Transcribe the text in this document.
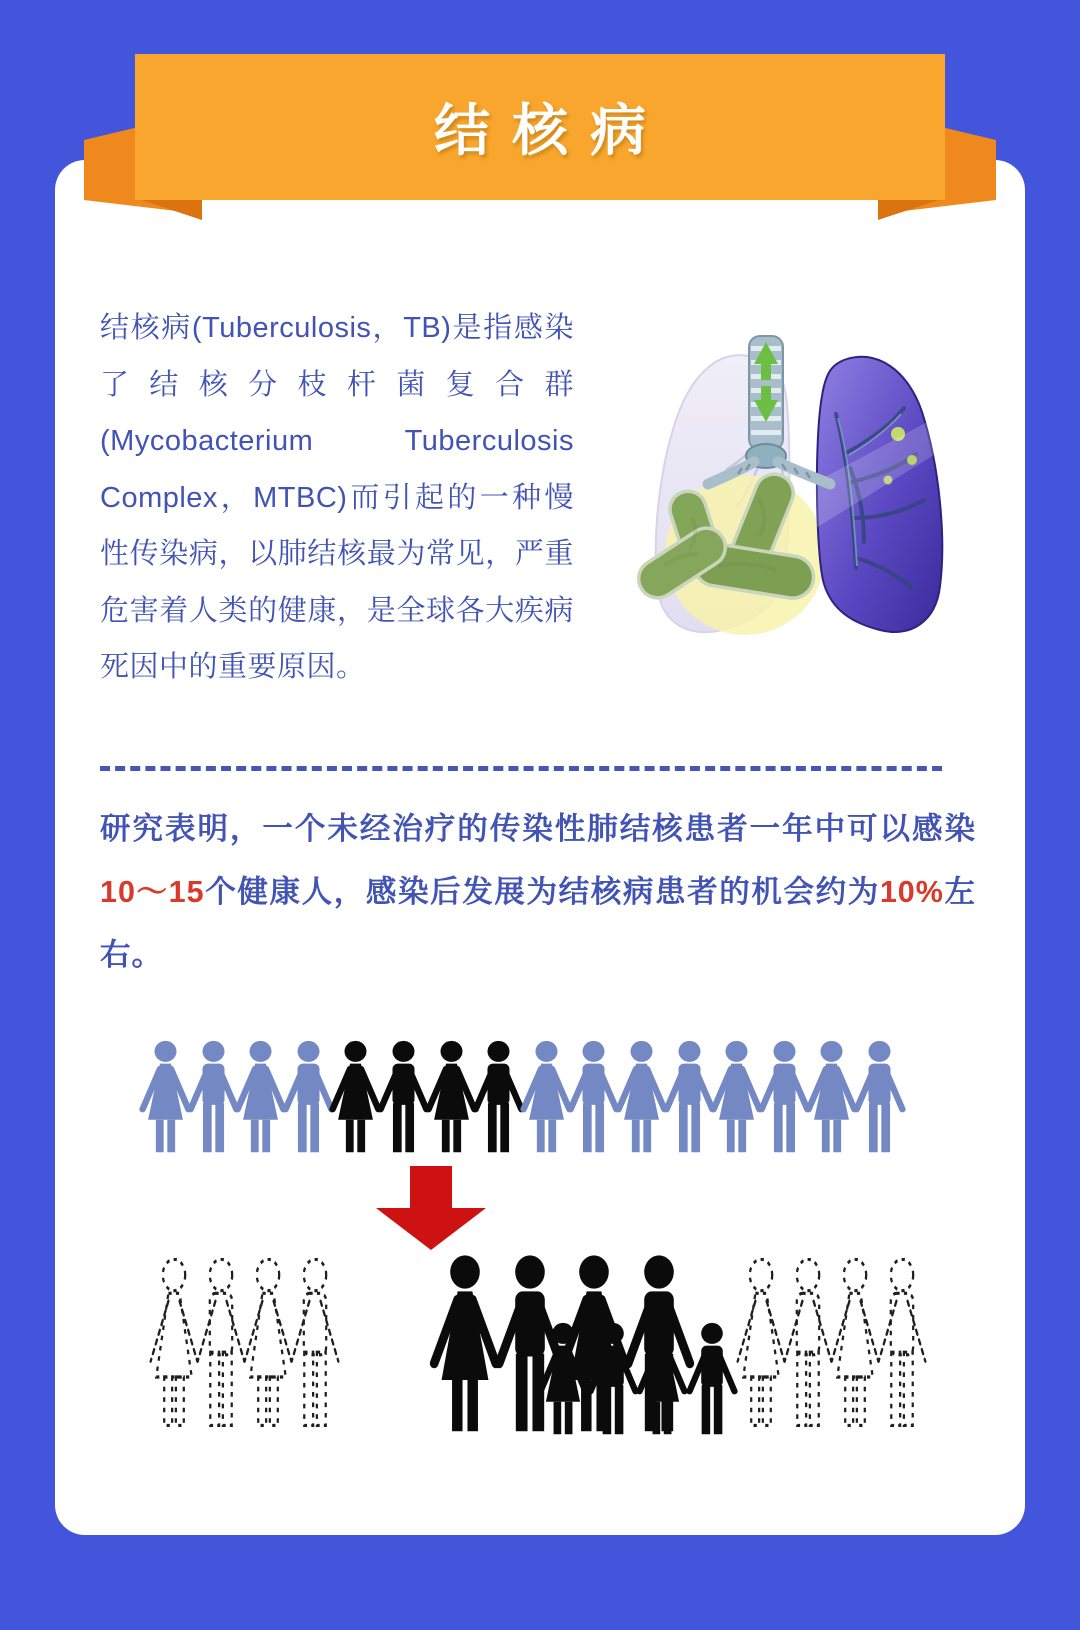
结核病

结核病(Tuberculosis，TB)是指感染了结核分枝杆菌复合群(Mycobacterium Tuberculosis Complex，MTBC)而引起的一种慢性传染病，以肺结核最为常见，严重危害着人类的健康，是全球各大疾病死因中的重要原因。

研究表明，一个未经治疗的传染性肺结核患者一年中可以感染10～15个健康人，感染后发展为结核病患者的机会约为10%左右。
